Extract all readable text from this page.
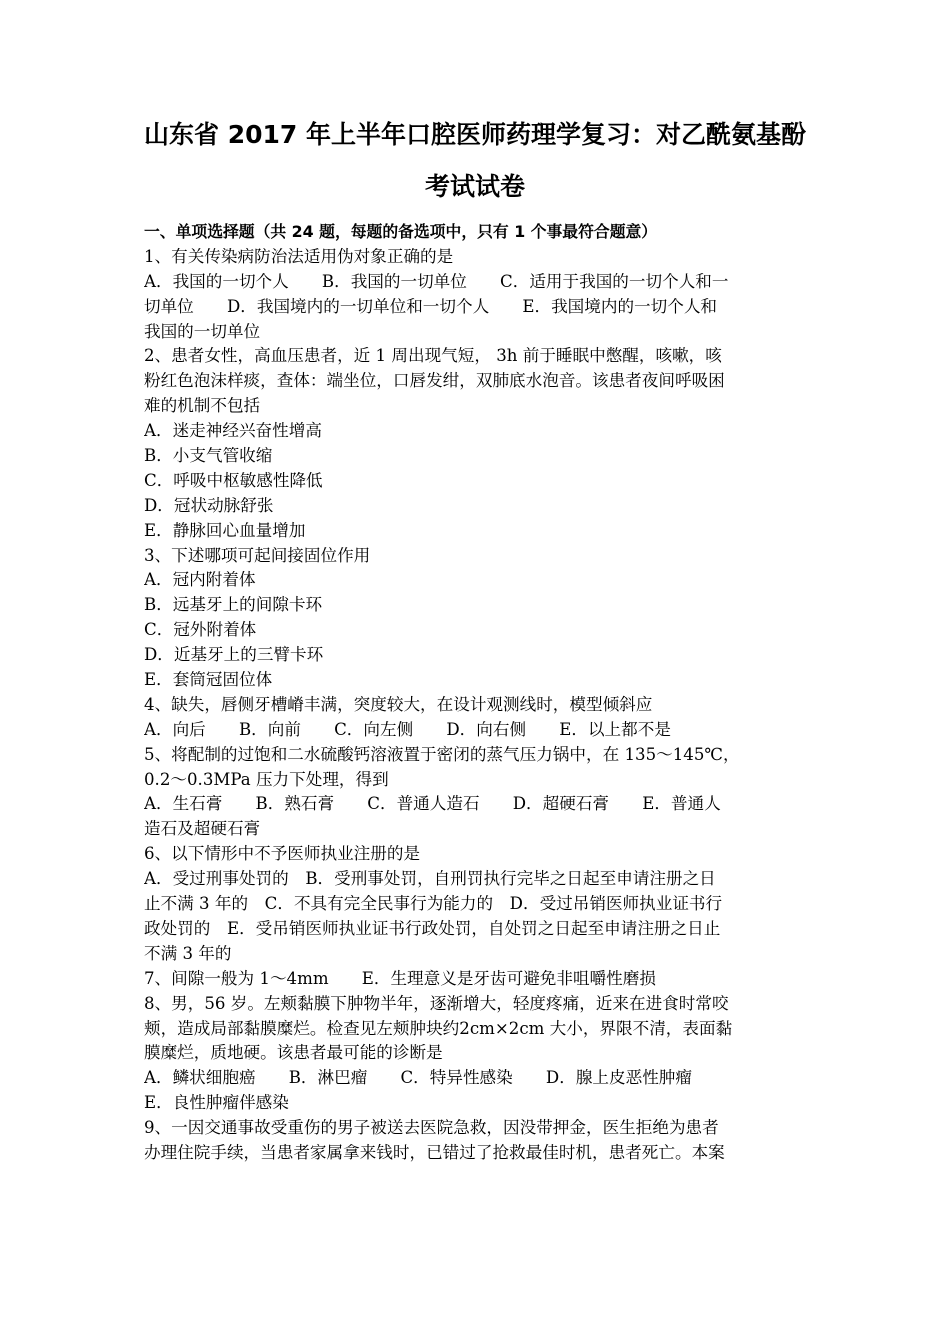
山东省 2017 年上半年口腔医师药理学复习：对乙酰氨基酚
考试试卷
一、单项选择题（共 24 题，每题的备选项中，只有 1 个事最符合题意）
1、有关传染病防治法适用伪对象正确的是
A．我国的一切个人　　B．我国的一切单位　　C．适用于我国的一切个人和一
切单位　　D．我国境内的一切单位和一切个人　　E．我国境内的一切个人和
我国的一切单位
2、患者女性，高血压患者，近 1 周出现气短， 3h 前于睡眠中憋醒，咳嗽，咳
粉红色泡沫样痰，查体：端坐位，口唇发绀，双肺底水泡音。该患者夜间呼吸困
难的机制不包括
A．迷走神经兴奋性增高
B．小支气管收缩
C．呼吸中枢敏感性降低
D．冠状动脉舒张
E．静脉回心血量增加
3、下述哪项可起间接固位作用
A．冠内附着体
B．远基牙上的间隙卡环
C．冠外附着体
D．近基牙上的三臂卡环
E．套筒冠固位体
4、缺失，唇侧牙槽嵴丰满，突度较大，在设计观测线时，模型倾斜应
A．向后　　B．向前　　C．向左侧　　D．向右侧　　E．以上都不是
5、将配制的过饱和二水硫酸钙溶液置于密闭的蒸气压力锅中，在 135～145℃，
0.2～0.3MPa 压力下处理，得到
A．生石膏　　B．熟石膏　　C．普通人造石　　D．超硬石膏　　E．普通人
造石及超硬石膏
6、以下情形中不予医师执业注册的是
A．受过刑事处罚的　B．受刑事处罚，自刑罚执行完毕之日起至申请注册之日
止不满 3 年的　C．不具有完全民事行为能力的　D．受过吊销医师执业证书行
政处罚的　E．受吊销医师执业证书行政处罚，自处罚之日起至申请注册之日止
不满 3 年的
7、间隙一般为 1～4mm　　E．生理意义是牙齿可避免非咀嚼性磨损
8、男，56 岁。左颊黏膜下肿物半年，逐渐增大，轻度疼痛，近来在进食时常咬
颊，造成局部黏膜糜烂。检查见左颊肿块约2cm×2cm 大小，界限不清，表面黏
膜糜烂，质地硬。该患者最可能的诊断是
A．鳞状细胞癌　　B．淋巴瘤　　C．特异性感染　　D．腺上皮恶性肿瘤
E．良性肿瘤伴感染
9、一因交通事故受重伤的男子被送去医院急救，因没带押金，医生拒绝为患者
办理住院手续，当患者家属拿来钱时，已错过了抢救最佳时机，患者死亡。本案
